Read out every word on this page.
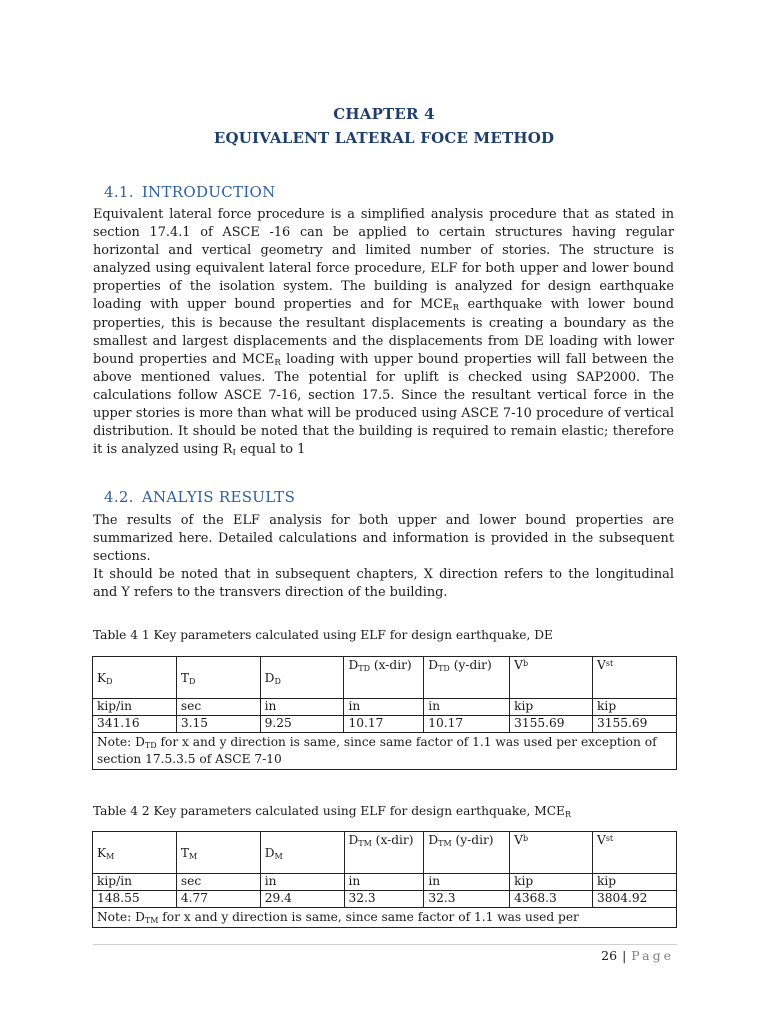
CHAPTER 4
EQUIVALENT LATERAL FOCE METHOD
4.1. INTRODUCTION
Equivalent lateral force procedure is a simplified analysis procedure that as stated in section 17.4.1 of ASCE -16 can be applied to certain structures having regular horizontal and vertical geometry and limited number of stories. The structure is analyzed using equivalent lateral force procedure, ELF for both upper and lower bound properties of the isolation system. The building is analyzed for design earthquake loading with upper bound properties and for $MCE_R$ earthquake with lower bound properties, this is because the resultant displacements is creating a boundary as the smallest and largest displacements and the displacements from DE loading with lower bound properties and $MCE_R$ loading with upper bound properties will fall between the above mentioned values. The potential for uplift is checked using SAP2000. The calculations follow ASCE 7-16, section 17.5. Since the resultant vertical force in the upper stories is more than what will be produced using ASCE 7-10 procedure of vertical distribution. It should be noted that the building is required to remain elastic; therefore it is analyzed using $R_I$ equal to 1
4.2. ANALYIS RESULTS
The results of the ELF analysis for both upper and lower bound properties are summarized here. Detailed calculations and information is provided in the subsequent sections.
It should be noted that in subsequent chapters, X direction refers to the longitudinal and Y refers to the transvers direction of the building.
Table 4 1 Key parameters calculated using ELF for design earthquake, DE
$K_D$	$T_D$	$D_D$	$D_{TD}$ (x-dir)	$D_{TD}$ (y-dir)	$V^b$	Vst
kip/in	sec	in	in	in	kip	kip
341.16	3.15	9.25	10.17	10.17	3155.69	3155.69
Note: $D_{TD}$ for x and y direction is same, since same factor of 1.1 was used per exception of section 17.5.3.5 of ASCE 7-10						
Table 4 2 Key parameters calculated using ELF for design earthquake, $MCE_R$
$K_M$	$T_M$	$D_M$	$D_{TM}$ (x-dir)	$D_{TM}$ (y-dir)	$V^b$	Vst
kip/in	sec	in	in	in	kip	kip
148.55	4.77	29.4	32.3	32.3	4368.3	3804.92
Note: $D_{TM}$ for x and y direction is same, since same factor of 1.1 was used per						
26 | Page
